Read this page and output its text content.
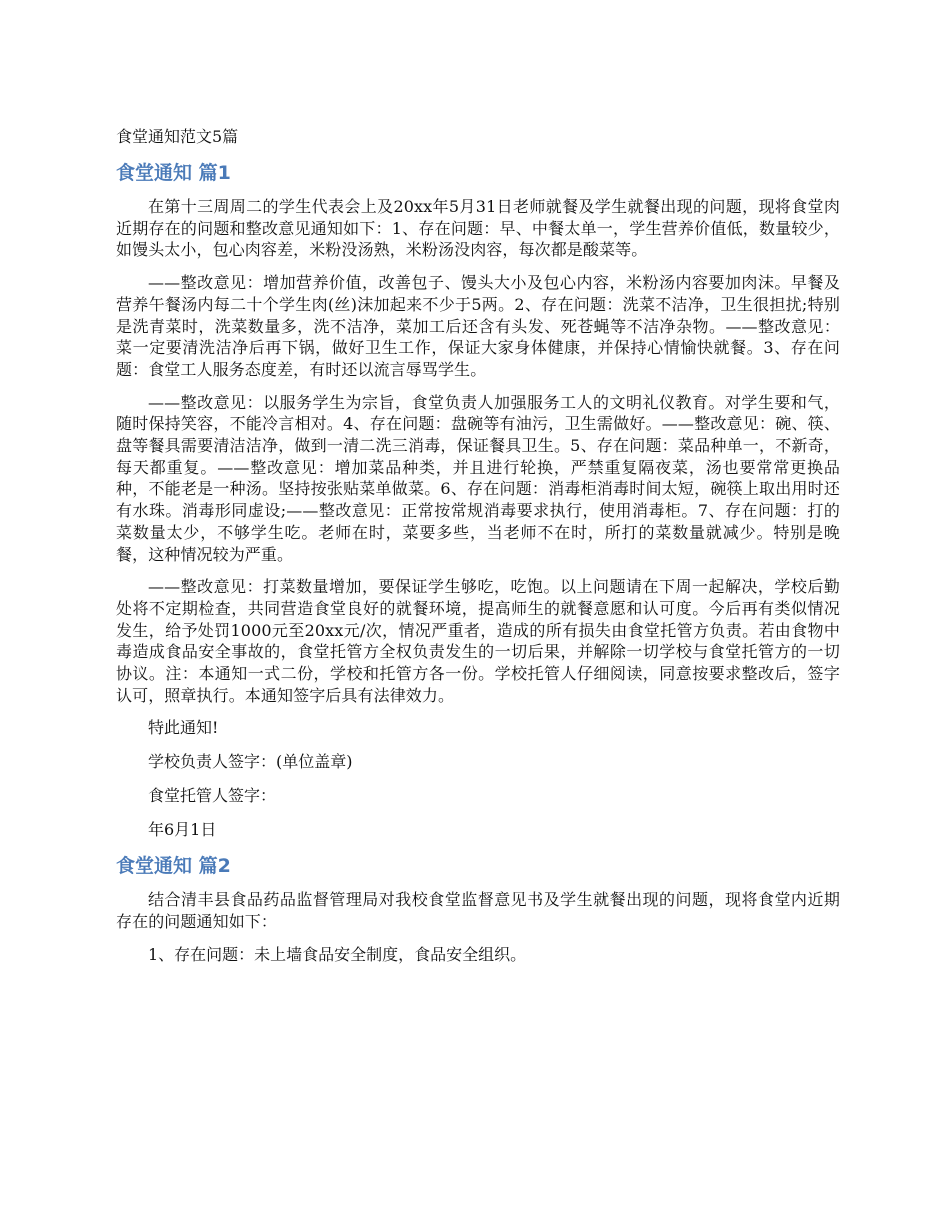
食堂通知范文5篇
食堂通知 篇1

在第十三周周二的学生代表会上及20xx年5月31日老师就餐及学生就餐出现的问题，现将食堂肉近期存在的问题和整改意见通知如下：1、存在问题：早、中餐太单一，学生营养价值低，数量较少，如馒头太小，包心肉容差，米粉没汤熟，米粉汤没肉容，每次都是酸菜等。

——整改意见：增加营养价值，改善包子、馒头大小及包心内容，米粉汤内容要加肉沫。早餐及营养午餐汤内每二十个学生肉(丝)沫加起来不少于5两。2、存在问题：洗菜不洁净，卫生很担扰;特别是洗青菜时，洗菜数量多，洗不洁净，菜加工后还含有头发、死苍蝇等不洁净杂物。——整改意见：菜一定要清洗洁净后再下锅，做好卫生工作，保证大家身体健康，并保持心情愉快就餐。3、存在问题：食堂工人服务态度差，有时还以流言辱骂学生。

——整改意见：以服务学生为宗旨，食堂负责人加强服务工人的文明礼仪教育。对学生要和气，随时保持笑容，不能冷言相对。4、存在问题：盘碗等有油污，卫生需做好。——整改意见：碗、筷、盘等餐具需要清洁洁净，做到一清二洗三消毒，保证餐具卫生。5、存在问题：菜品种单一，不新奇，每天都重复。——整改意见：增加菜品种类，并且进行轮换，严禁重复隔夜菜，汤也要常常更换品种，不能老是一种汤。坚持按张贴菜单做菜。6、存在问题：消毒柜消毒时间太短，碗筷上取出用时还有水珠。消毒形同虚设;——整改意见：正常按常规消毒要求执行，使用消毒柜。7、存在问题：打的菜数量太少，不够学生吃。老师在时，菜要多些，当老师不在时，所打的菜数量就减少。特别是晚餐，这种情况较为严重。

——整改意见：打菜数量增加，要保证学生够吃，吃饱。以上问题请在下周一起解决，学校后勤处将不定期检查，共同营造食堂良好的就餐环境，提高师生的就餐意愿和认可度。今后再有类似情况发生，给予处罚1000元至20xx元/次，情况严重者，造成的所有损失由食堂托管方负责。若由食物中毒造成食品安全事故的，食堂托管方全权负责发生的一切后果，并解除一切学校与食堂托管方的一切协议。注：本通知一式二份，学校和托管方各一份。学校托管人仔细阅读，同意按要求整改后，签字认可，照章执行。本通知签字后具有法律效力。

特此通知!
学校负责人签字：(单位盖章)
食堂托管人签字：
年6月1日
食堂通知 篇2

结合清丰县食品药品监督管理局对我校食堂监督意见书及学生就餐出现的问题，现将食堂内近期存在的问题通知如下：

1、存在问题：未上墙食品安全制度，食品安全组织。
